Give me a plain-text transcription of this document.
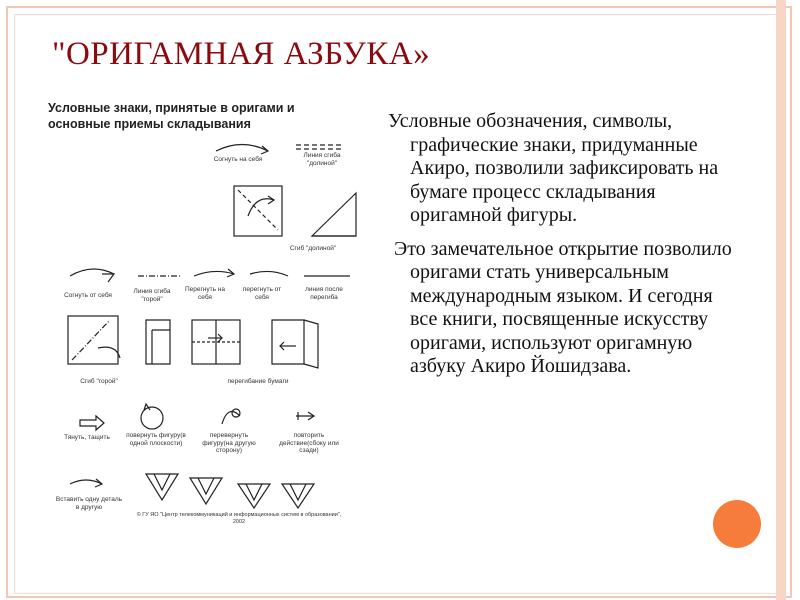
"ОРИГАМНАЯ АЗБУКА»
Условные знаки, принятые в оригами и основные приемы складывания
Согнуть на себя
Линия сгиба "долиной"
Сгиб "долиной"
Согнуть от себя
Линия сгиба "горой"
Перегнуть на себя
перегнуть от себя
линия после перегиба
Сгиб "горой"	перегибание бумаги
Тянуть, тащить	повернуть фигуру(в одной плоскости)
перевернуть фигуру(на другую сторону)
повторить действие(сбоку или сзади)
Вставить одну деталь в другую
© ГУ ЯО "Центр телекоммуникаций и информационных систем в образовании", 2002

Условные обозначения, символы, графические знаки, придуманные Акиро, позволили зафиксировать на бумаге процесс складывания оригамной фигуры.

Это замечательное открытие позволило оригами стать универсальным международным языком. И сегодня все книги, посвященные искусству оригами, используют оригамную азбуку Акиро Йошидзава.
